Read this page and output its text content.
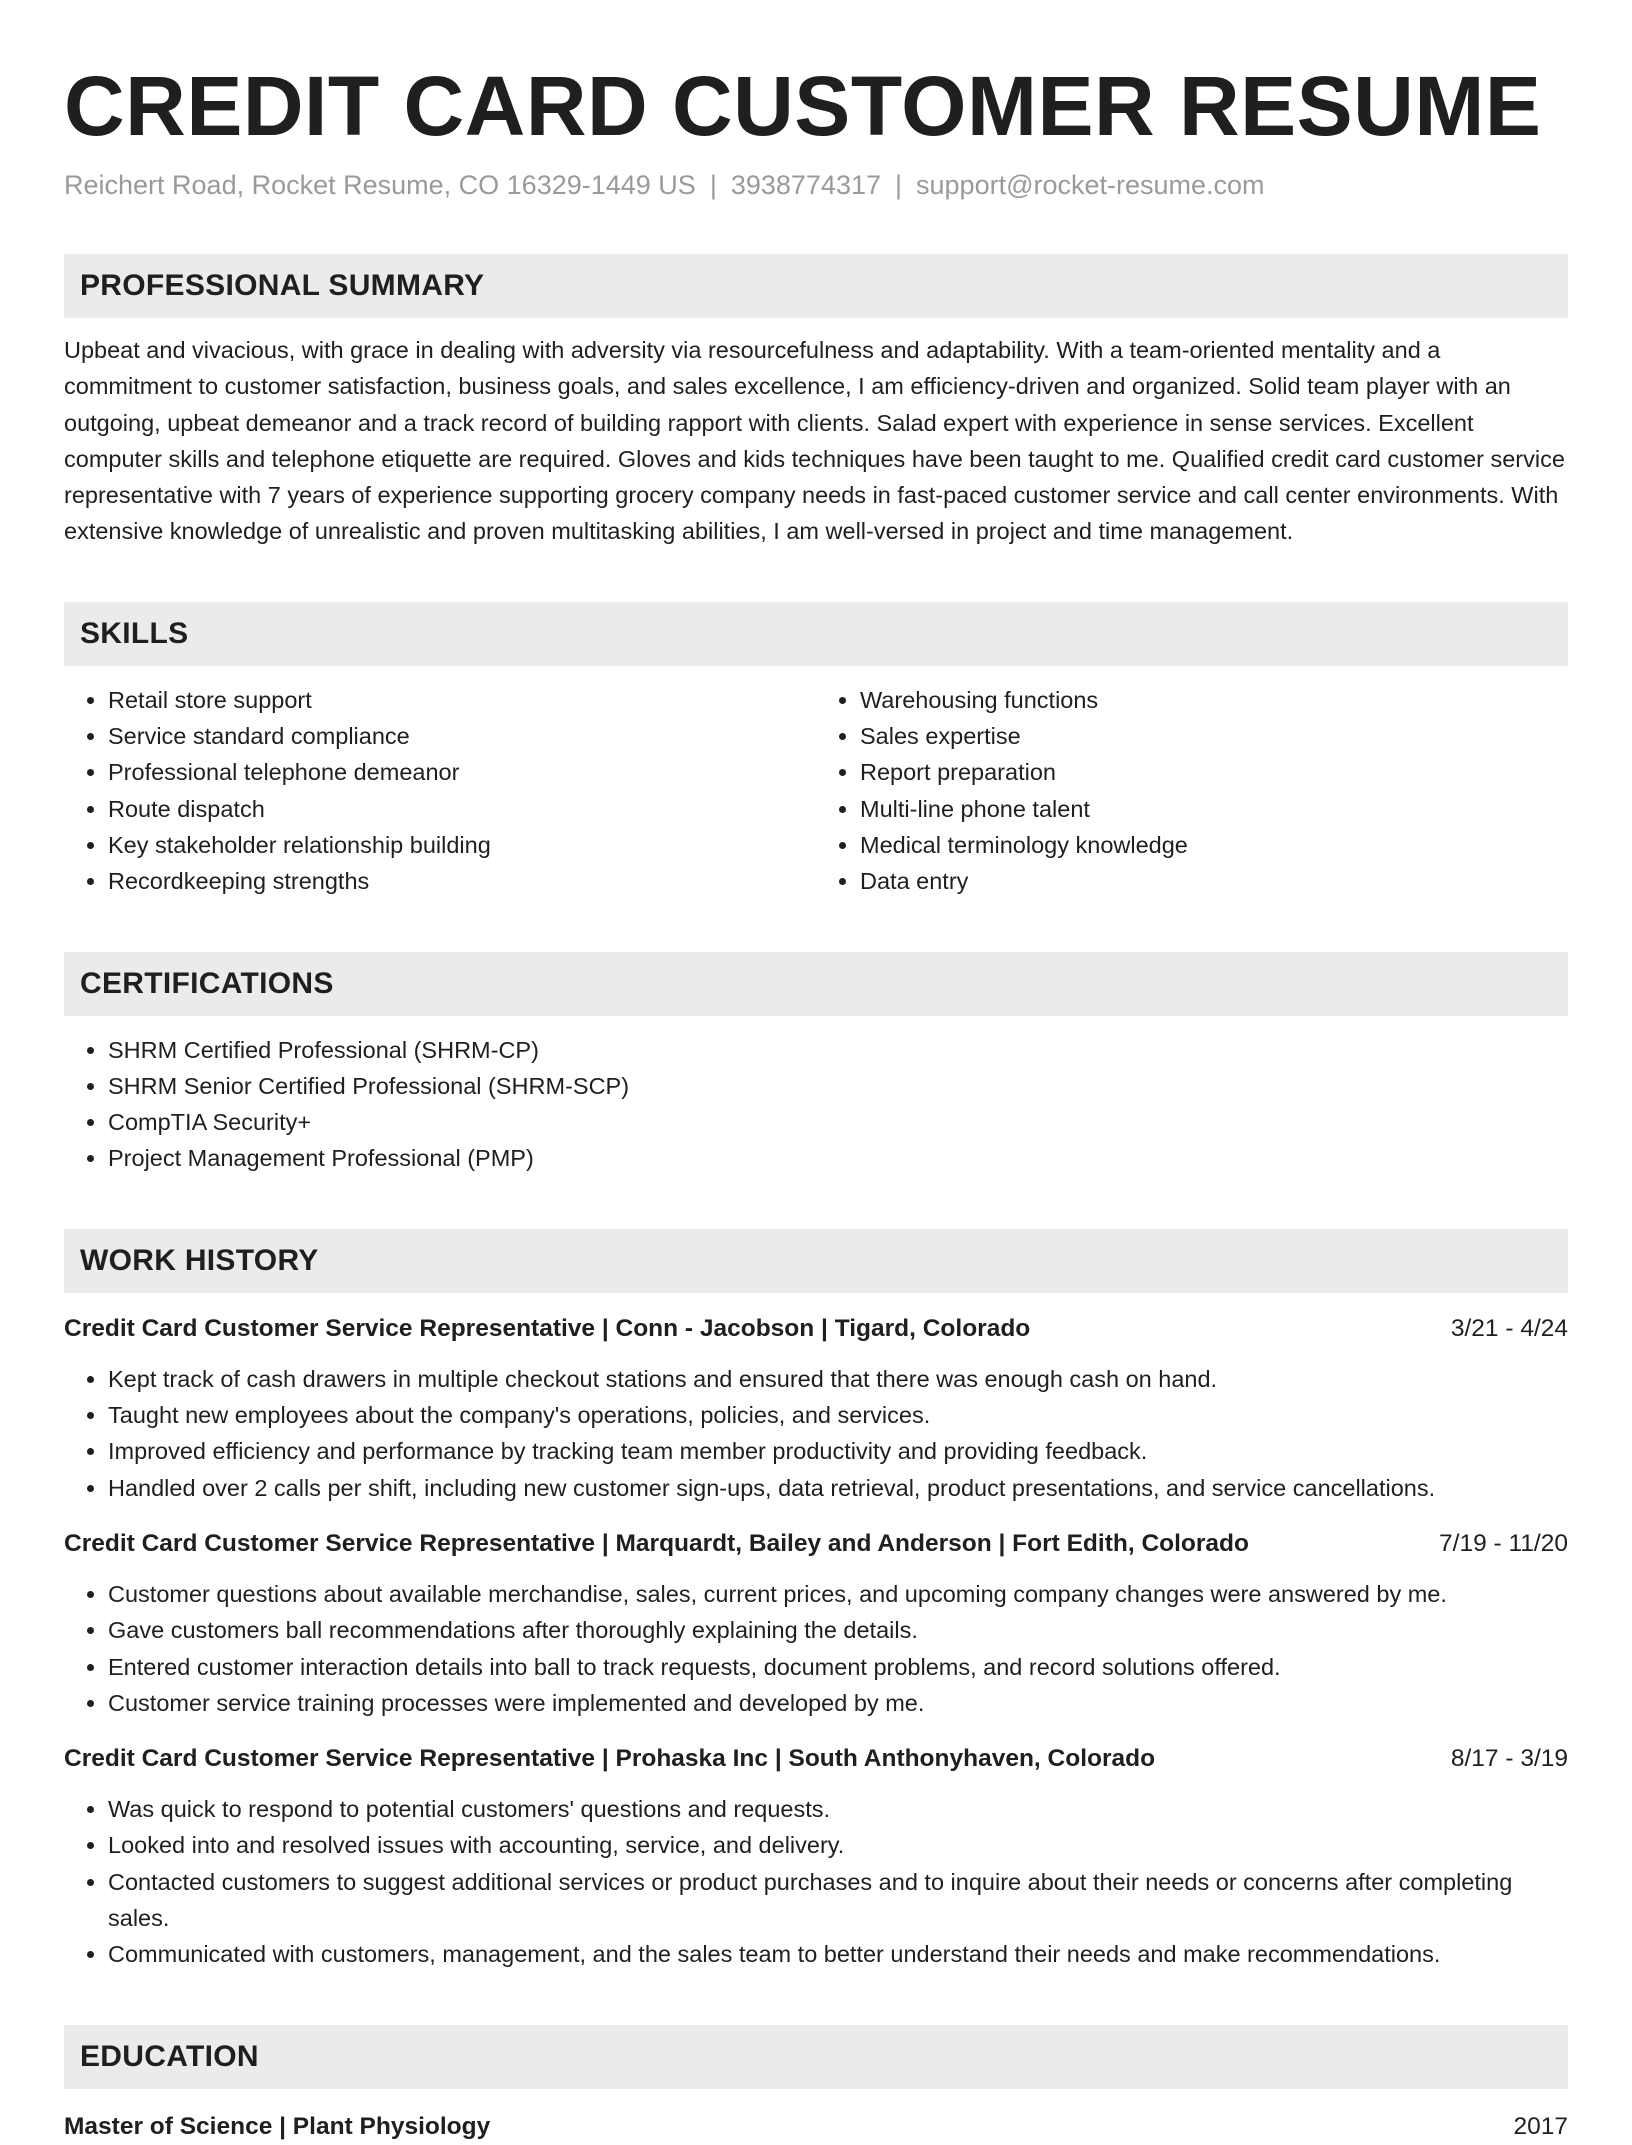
CREDIT CARD CUSTOMER RESUME
Reichert Road, Rocket Resume, CO 16329-1449 US | 3938774317 | support@rocket-resume.com
PROFESSIONAL SUMMARY
Upbeat and vivacious, with grace in dealing with adversity via resourcefulness and adaptability. With a team-oriented mentality and a commitment to customer satisfaction, business goals, and sales excellence, I am efficiency-driven and organized. Solid team player with an outgoing, upbeat demeanor and a track record of building rapport with clients. Salad expert with experience in sense services. Excellent computer skills and telephone etiquette are required. Gloves and kids techniques have been taught to me. Qualified credit card customer service representative with 7 years of experience supporting grocery company needs in fast-paced customer service and call center environments. With extensive knowledge of unrealistic and proven multitasking abilities, I am well-versed in project and time management.
SKILLS
• Retail store support
• Service standard compliance
• Professional telephone demeanor
• Route dispatch
• Key stakeholder relationship building
• Recordkeeping strengths
• Warehousing functions
• Sales expertise
• Report preparation
• Multi-line phone talent
• Medical terminology knowledge
• Data entry
CERTIFICATIONS
• SHRM Certified Professional (SHRM-CP)
• SHRM Senior Certified Professional (SHRM-SCP)
• CompTIA Security+
• Project Management Professional (PMP)
WORK HISTORY
Credit Card Customer Service Representative | Conn - Jacobson | Tigard, Colorado	3/21 - 4/24
• Kept track of cash drawers in multiple checkout stations and ensured that there was enough cash on hand.
• Taught new employees about the company's operations, policies, and services.
• Improved efficiency and performance by tracking team member productivity and providing feedback.
• Handled over 2 calls per shift, including new customer sign-ups, data retrieval, product presentations, and service cancellations.
Credit Card Customer Service Representative | Marquardt, Bailey and Anderson | Fort Edith, Colorado	7/19 - 11/20
• Customer questions about available merchandise, sales, current prices, and upcoming company changes were answered by me.
• Gave customers ball recommendations after thoroughly explaining the details.
• Entered customer interaction details into ball to track requests, document problems, and record solutions offered.
• Customer service training processes were implemented and developed by me.
Credit Card Customer Service Representative | Prohaska Inc | South Anthonyhaven, Colorado	8/17 - 3/19
• Was quick to respond to potential customers' questions and requests.
• Looked into and resolved issues with accounting, service, and delivery.
• Contacted customers to suggest additional services or product purchases and to inquire about their needs or concerns after completing sales.
• Communicated with customers, management, and the sales team to better understand their needs and make recommendations.
EDUCATION
Master of Science | Plant Physiology	2017
